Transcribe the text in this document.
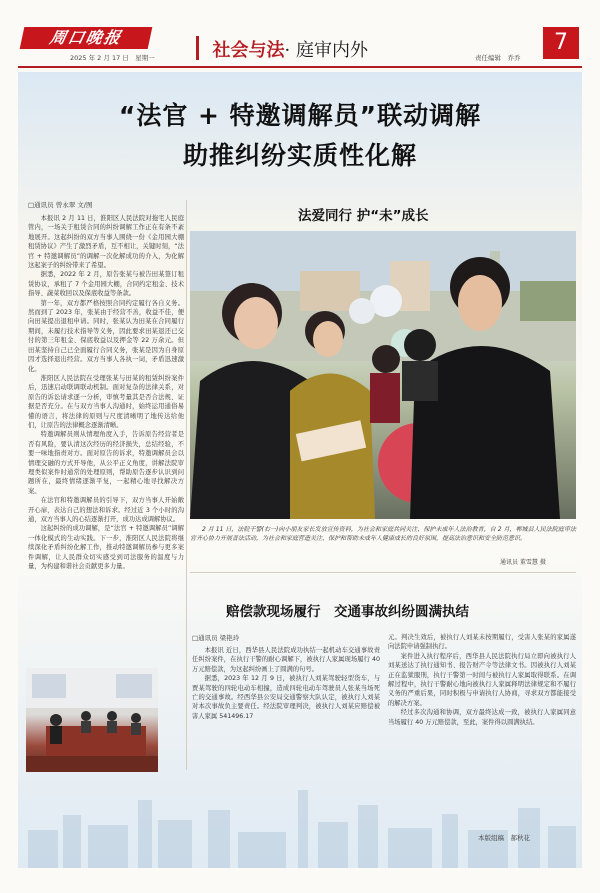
周口晚报
2025 年 2 月 17 日　星期一	社会与法· 庭审内外	责任编辑　乔乔
7
“法官 + 特邀调解员”联动调解
助推纠纷实质性化解
□通讯员 曾永翠 文/图

本报讯 2 月 11 日，淮阳区人民法院对拖宅人民庭管内，一场关于租赁合同的纠纷调解工作正在有条不紊地展开。这起纠纷的双方当事人围绕一份《金用园大棚租赁协议》产生了激烈矛盾，互不相让，关键时刻，“法官 + 特邀调解员”的调解一次化解成功的介入，为化解这起案子的纠纷带来了希望。

据悉，2022 年 2 月，原告张某与被告田某签订租赁协议，承租了 7 个金用园大棚，合同约定租金、技术指导、蔬菜收回以及保底收益等条款。

第一年，双方都严格按照合同约定履行各自义务。然而到了 2023 年，张某由于经营不善，收益不佳，便向田某提出退租申请。同时，张某认为田某在合同履行期间，未履行技术指导等义务，因此要求田某退还已交付的第三年租金、保底收益以及押金等 22 万余元。但田某坚持自己已全面履行合同义务，张某是因为自身原因才选择退出经营。双方当事人各执一词，矛盾迅速激化。

淮阳区人民法院在受理张某与田某的租赁纠纷案件后，迅速启动联调联动机制。面对复杂的法律关系，对原告的诉讼请求逐一分析，审慎考量其是否合法规、证据是否充分。在与双方当事人沟通时，始终运用通俗易懂的语言，将法律的原则与尺度清晰明了地传达给他们，让原告的法律概念逐渐清晰。

特邀调解员则从情理角度入手，告诉原告经营者是否有风险，要认清这次经历的经济损失，总结经验，不要一味地指责对方。面对原告的诉求，特邀调解员会以情理交融的方式开导他，从公平正义角度，讲解法院审理类似案件时通常的处理原则，帮助原告逐步认识到问题所在，最终情绪逐渐平复，一起精心地寻找解决方案。

在法官和特邀调解员的引导下，双方当事人开始敞开心扉，表达自己的想法和诉求。经过近 3 个小时的沟通，双方当事人的心结逐渐打开，成功达成调解协议。

这起纠纷的成功调解，是“法官 + 特邀调解员”调解一体化模式的生动实践。下一步，淮阳区人民法院将继续深化矛盾纠纷化解工作，推动特邀调解员参与更多案件调解，让人民群众切实感受到司法服务的温度与力量，为构建和谐社会贡献更多力量。

法爱同行 护“未”成长
2 月 11 日，法院干警(右一)向小朋友家长发放宣传资料，为社会和家庭共同关注、保护未成年人法治教育，自 2 月，郸城县人民法院庭审法官齐心协力开展普法活动，为社会和家庭营造关注、保护和帮助未成年人健康成长的良好氛围，提高法治意识和安全防范意识。
通讯员 董雪慧 摄
赔偿款现场履行　交通事故纠纷圆满执结
□通讯员 梁艳玲

本报讯 近日，西华县人民法院成功执结一起机动车交通事故责任纠纷案件，在执行干警的耐心调解下，被执行人家属现场履行 40 万元赔偿款，为这起纠纷画上了圆满的句号。

据悉，2023 年 12 月 9 日，被执行人刘某驾驶轻型货车，与贾某驾驶的四轮电动车相撞，造成四轮电动车驾驶员人张某当场死亡的交通事故。经西华县公安局交通警察大队认定，被执行人刘某对本次事故负主要责任。经法院审理判决，被执行人刘某应赔偿被害人家属 541496.17

元。判决生效后，被执行人刘某未按期履行，受害人张某的家属遂向法院申请强制执行。

案件进入执行程序后，西华县人民法院执行局立即向被执行人刘某送达了执行通知书、报告财产令等法律文书。因被执行人刘某正在监狱服刑，执行干警第一时间与被执行人家属取得联系。在调解过程中，执行干警耐心地向被执行人家属释明法律规定和不履行义务的严重后果，同时积极与申请执行人协商，寻求双方都能接受的解决方案。

经过多次沟通和协调，双方最终达成一致，被执行人家属同意当场履行 40 万元赔偿款，至此，案件得以圆满执结。

本版组稿　郝秋花
